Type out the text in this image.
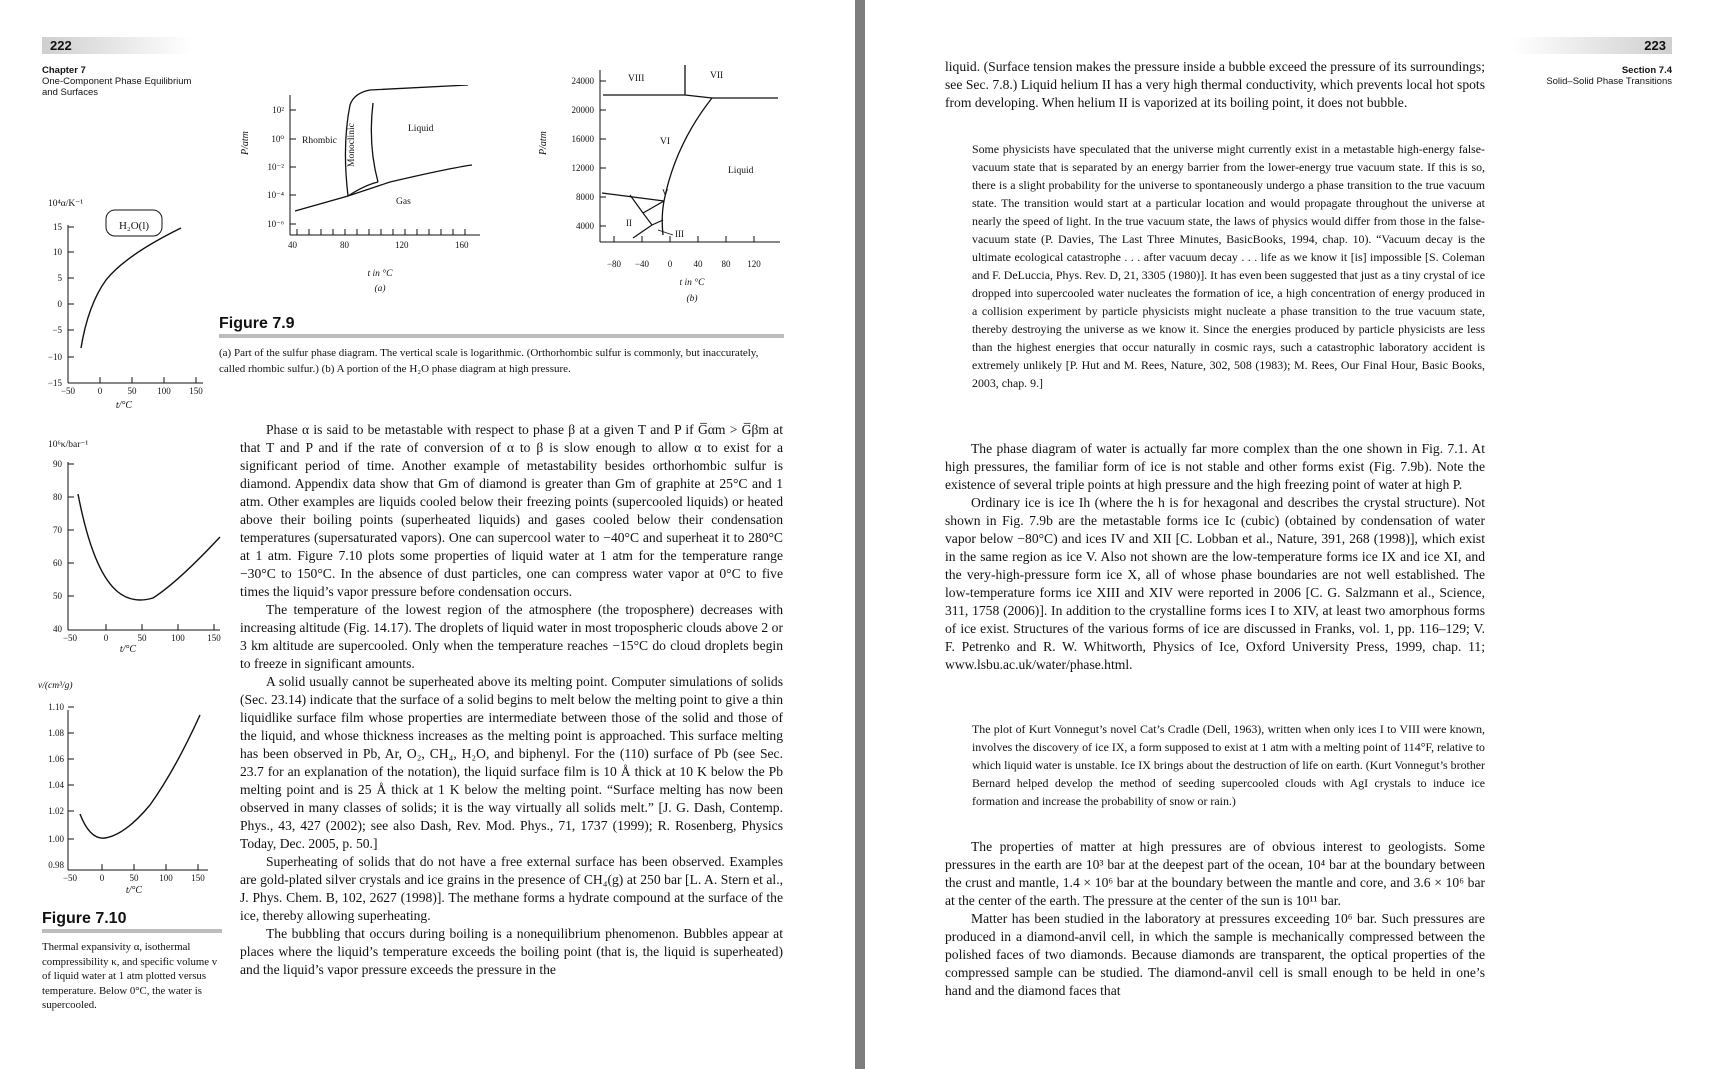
222
Chapter 7
One-Component Phase Equilibrium
and Surfaces
P/atm
10²
10⁰
10⁻²
10⁻⁴
10⁻⁶
40	80	120	160
Rhombic Monoclinic	Liquid
Gas
t in °C
(a)
P/atm
24000
20000
16000
12000
8000
4000
−80 −40 0 40 80 120
VIII	VII
VI
Liquid
V
II
III
t in °C
(b)
Figure 7.9
(a) Part of the sulfur phase diagram. The vertical scale is logarithmic. (Orthorhombic sulfur is commonly, but inaccurately, called rhombic sulfur.) (b) A portion of the H₂O phase diagram at high pressure.
10⁴α/K⁻¹
H₂O(l)
15
10
5
0
−5
−10
−15
−50	0	50 100 150
t/°C
10⁶κ/bar⁻¹
90
80
70
60
50
40
−50	0	50	100	150
t/°C
v/(cm³/g)
1.10
1.08
1.06
1.04
1.02
1.00
0.98
−50	0	50 100 150
t/°C
Figure 7.10
Thermal expansivity α, isothermal compressibility κ, and specific volume v of liquid water at 1 atm plotted versus temperature. Below 0°C, the water is supercooled.

Phase α is said to be metastable with respect to phase β at a given T and P if G̅αm > G̅βm at that T and P and if the rate of conversion of α to β is slow enough to allow α to exist for a significant period of time. Another example of metastability besides orthorhombic sulfur is diamond. Appendix data show that Gm of diamond is greater than Gm of graphite at 25°C and 1 atm. Other examples are liquids cooled below their freezing points (supercooled liquids) or heated above their boiling points (superheated liquids) and gases cooled below their condensation temperatures (supersaturated vapors). One can supercool water to −40°C and superheat it to 280°C at 1 atm. Figure 7.10 plots some properties of liquid water at 1 atm for the temperature range −30°C to 150°C. In the absence of dust particles, one can compress water vapor at 0°C to five times the liquid’s vapor pressure before condensation occurs.

The temperature of the lowest region of the atmosphere (the troposphere) decreases with increasing altitude (Fig. 14.17). The droplets of liquid water in most tropospheric clouds above 2 or 3 km altitude are supercooled. Only when the temperature reaches −15°C do cloud droplets begin to freeze in significant amounts.

A solid usually cannot be superheated above its melting point. Computer simulations of solids (Sec. 23.14) indicate that the surface of a solid begins to melt below the melting point to give a thin liquidlike surface film whose properties are intermediate between those of the solid and those of the liquid, and whose thickness increases as the melting point is approached. This surface melting has been observed in Pb, Ar, O₂, CH₄, H₂O, and biphenyl. For the (110) surface of Pb (see Sec. 23.7 for an explanation of the notation), the liquid surface film is 10 Å thick at 10 K below the Pb melting point and is 25 Å thick at 1 K below the melting point. “Surface melting has now been observed in many classes of solids; it is the way virtually all solids melt.” [J. G. Dash, Contemp. Phys., 43, 427 (2002); see also Dash, Rev. Mod. Phys., 71, 1737 (1999); R. Rosenberg, Physics Today, Dec. 2005, p. 50.]

Superheating of solids that do not have a free external surface has been observed. Examples are gold-plated silver crystals and ice grains in the presence of CH₄(g) at 250 bar [L. A. Stern et al., J. Phys. Chem. B, 102, 2627 (1998)]. The methane forms a hydrate compound at the surface of the ice, thereby allowing superheating.

The bubbling that occurs during boiling is a nonequilibrium phenomenon. Bubbles appear at places where the liquid’s temperature exceeds the boiling point (that is, the liquid is superheated) and the liquid’s vapor pressure exceeds the pressure in the

223
Section 7.4
Solid–Solid Phase Transitions

liquid. (Surface tension makes the pressure inside a bubble exceed the pressure of its surroundings; see Sec. 7.8.) Liquid helium II has a very high thermal conductivity, which prevents local hot spots from developing. When helium II is vaporized at its boiling point, it does not bubble.

Some physicists have speculated that the universe might currently exist in a metastable high-energy false-vacuum state that is separated by an energy barrier from the lower-energy true vacuum state. If this is so, there is a slight probability for the universe to spontaneously undergo a phase transition to the true vacuum state. The transition would start at a particular location and would propagate throughout the universe at nearly the speed of light. In the true vacuum state, the laws of physics would differ from those in the false-vacuum state (P. Davies, The Last Three Minutes, BasicBooks, 1994, chap. 10). “Vacuum decay is the ultimate ecological catastrophe . . . after vacuum decay . . . life as we know it [is] impossible [S. Coleman and F. DeLuccia, Phys. Rev. D, 21, 3305 (1980)]. It has even been suggested that just as a tiny crystal of ice dropped into supercooled water nucleates the formation of ice, a high concentration of energy produced in a collision experiment by particle physicists might nucleate a phase transition to the true vacuum state, thereby destroying the universe as we know it. Since the energies produced by particle physicists are less than the highest energies that occur naturally in cosmic rays, such a catastrophic laboratory accident is extremely unlikely [P. Hut and M. Rees, Nature, 302, 508 (1983); M. Rees, Our Final Hour, Basic Books, 2003, chap. 9.]

The phase diagram of water is actually far more complex than the one shown in Fig. 7.1. At high pressures, the familiar form of ice is not stable and other forms exist (Fig. 7.9b). Note the existence of several triple points at high pressure and the high freezing point of water at high P.

Ordinary ice is ice Ih (where the h is for hexagonal and describes the crystal structure). Not shown in Fig. 7.9b are the metastable forms ice Ic (cubic) (obtained by condensation of water vapor below −80°C) and ices IV and XII [C. Lobban et al., Nature, 391, 268 (1998)], which exist in the same region as ice V. Also not shown are the low-temperature forms ice IX and ice XI, and the very-high-pressure form ice X, all of whose phase boundaries are not well established. The low-temperature forms ice XIII and XIV were reported in 2006 [C. G. Salzmann et al., Science, 311, 1758 (2006)]. In addition to the crystalline forms ices I to XIV, at least two amorphous forms of ice exist. Structures of the various forms of ice are discussed in Franks, vol. 1, pp. 116–129; V. F. Petrenko and R. W. Whitworth, Physics of Ice, Oxford University Press, 1999, chap. 11; www.lsbu.ac.uk/water/phase.html.

The plot of Kurt Vonnegut’s novel Cat’s Cradle (Dell, 1963), written when only ices I to VIII were known, involves the discovery of ice IX, a form supposed to exist at 1 atm with a melting point of 114°F, relative to which liquid water is unstable. Ice IX brings about the destruction of life on earth. (Kurt Vonnegut’s brother Bernard helped develop the method of seeding supercooled clouds with AgI crystals to induce ice formation and increase the probability of snow or rain.)

The properties of matter at high pressures are of obvious interest to geologists. Some pressures in the earth are 10³ bar at the deepest part of the ocean, 10⁴ bar at the boundary between the crust and mantle, 1.4 × 10⁶ bar at the boundary between the mantle and core, and 3.6 × 10⁶ bar at the center of the earth. The pressure at the center of the sun is 10¹¹ bar.

Matter has been studied in the laboratory at pressures exceeding 10⁶ bar. Such pressures are produced in a diamond-anvil cell, in which the sample is mechanically compressed between the polished faces of two diamonds. Because diamonds are transparent, the optical properties of the compressed sample can be studied. The diamond-anvil cell is small enough to be held in one’s hand and the diamond faces that
